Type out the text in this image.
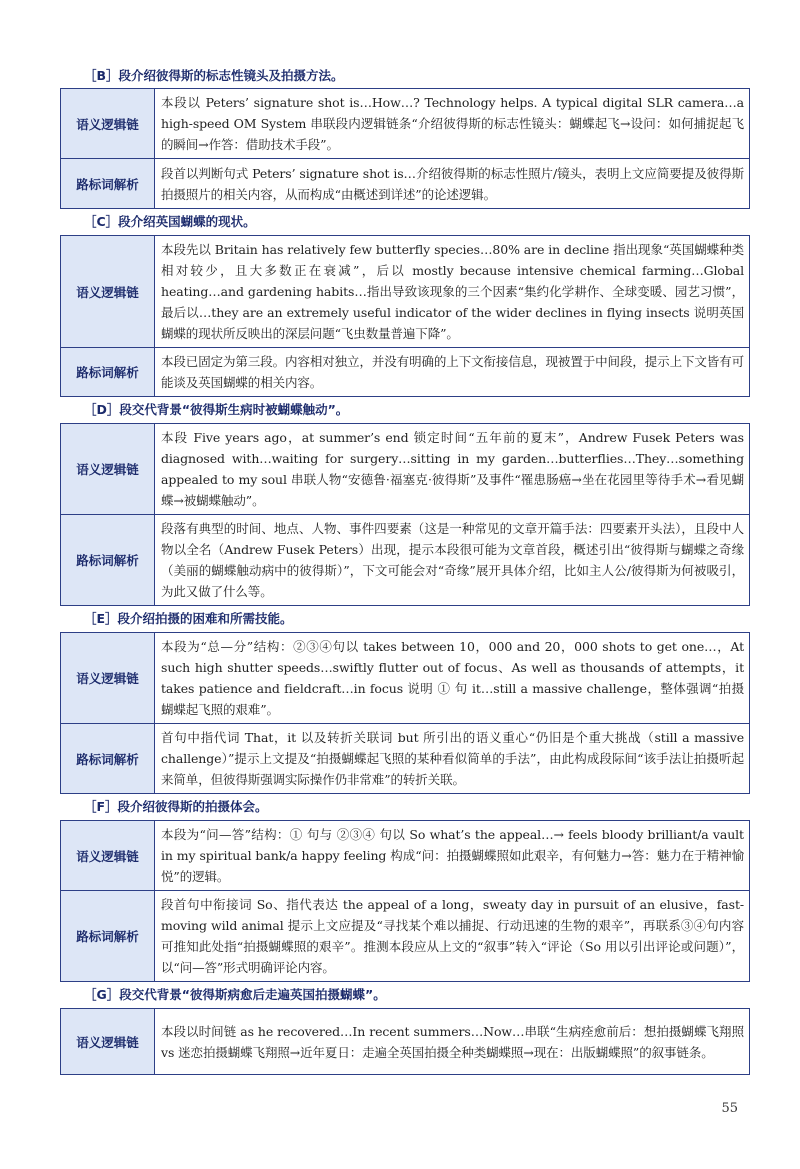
［B］段介绍彼得斯的标志性镜头及拍摄方法。
语义逻辑链	本段以 Peters’ signature shot is…How…? Technology helps. A typical digital SLR camera…a high-speed OM System 串联段内逻辑链条“介绍彼得斯的标志性镜头：蝴蝶起飞→设问：如何捕捉起飞的瞬间→作答：借助技术手段”。
路标词解析	段首以判断句式 Peters’ signature shot is…介绍彼得斯的标志性照片/镜头，表明上文应简要提及彼得斯拍摄照片的相关内容，从而构成“由概述到详述”的论述逻辑。
［C］段介绍英国蝴蝶的现状。
语义逻辑链	本段先以 Britain has relatively few butterfly species…80% are in decline 指出现象“英国蝴蝶种类相对较少，且大多数正在衰减”，后以 mostly because intensive chemical farming…Global heating…and gardening habits…指出导致该现象的三个因素“集约化学耕作、全球变暖、园艺习惯”，最后以…they are an extremely useful indicator of the wider declines in flying insects 说明英国蝴蝶的现状所反映出的深层问题“飞虫数量普遍下降”。
路标词解析	本段已固定为第三段。内容相对独立，并没有明确的上下文衔接信息，现被置于中间段，提示上下文皆有可能谈及英国蝴蝶的相关内容。
［D］段交代背景“彼得斯生病时被蝴蝶触动”。
语义逻辑链	本段 Five years ago，at summer’s end 锁定时间“五年前的夏末”，Andrew Fusek Peters was diagnosed with…waiting for surgery…sitting in my garden…butterflies…They…something appealed to my soul 串联人物“安德鲁·福塞克·彼得斯”及事件“罹患肠癌→坐在花园里等待手术→看见蝴蝶→被蝴蝶触动”。
路标词解析	段落有典型的时间、地点、人物、事件四要素（这是一种常见的文章开篇手法：四要素开头法），且段中人物以全名（Andrew Fusek Peters）出现，提示本段很可能为文章首段，概述引出“彼得斯与蝴蝶之奇缘（美丽的蝴蝶触动病中的彼得斯）”，下文可能会对“奇缘”展开具体介绍，比如主人公/彼得斯为何被吸引，为此又做了什么等。
［E］段介绍拍摄的困难和所需技能。
语义逻辑链	本段为“总—分”结构：②③④句以 takes between 10，000 and 20，000 shots to get one…，At such high shutter speeds…swiftly flutter out of focus、As well as thousands of attempts，it takes patience and fieldcraft…in focus 说明 ① 句 it…still a massive challenge，整体强调“拍摄蝴蝶起飞照的艰难”。
路标词解析	首句中指代词 That，it 以及转折关联词 but 所引出的语义重心“仍旧是个重大挑战（still a massive challenge）”提示上文提及“拍摄蝴蝶起飞照的某种看似简单的手法”，由此构成段际间“该手法让拍摄听起来简单，但彼得斯强调实际操作仍非常难”的转折关联。
［F］段介绍彼得斯的拍摄体会。
语义逻辑链	本段为“问—答”结构：① 句与 ②③④ 句以 So what’s the appeal…→ feels bloody brilliant/a vault in my spiritual bank/a happy feeling 构成“问：拍摄蝴蝶照如此艰辛，有何魅力→答：魅力在于精神愉悦”的逻辑。
路标词解析	段首句中衔接词 So、指代表达 the appeal of a long，sweaty day in pursuit of an elusive，fast-moving wild animal 提示上文应提及“寻找某个难以捕捉、行动迅速的生物的艰辛”，再联系③④句内容可推知此处指“拍摄蝴蝶照的艰辛”。推测本段应从上文的“叙事”转入“评论（So 用以引出评论或问题）”，以“问—答”形式明确评论内容。
［G］段交代背景“彼得斯病愈后走遍英国拍摄蝴蝶”。
语义逻辑链	本段以时间链 as he recovered…In recent summers…Now…串联“生病痊愈前后：想拍摄蝴蝶飞翔照 vs 迷恋拍摄蝴蝶飞翔照→近年夏日：走遍全英国拍摄全种类蝴蝶照→现在：出版蝴蝶照”的叙事链条。
55
